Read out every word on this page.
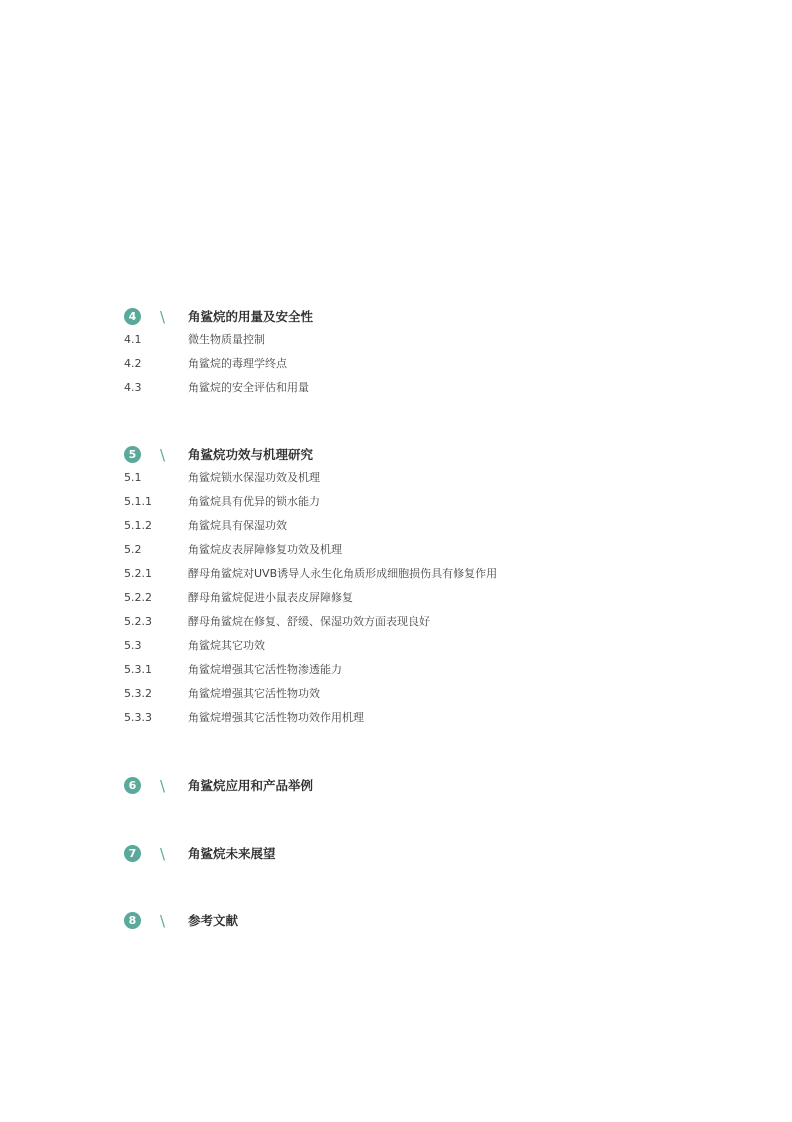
4	\ 角鲨烷的用量及安全性
4.1	微生物质量控制
4.2	角鲨烷的毒理学终点
4.3	角鲨烷的安全评估和用量
5	\ 角鲨烷功效与机理研究
5.1	角鲨烷锁水保湿功效及机理
5.1.1	角鲨烷具有优异的锁水能力
5.1.2	角鲨烷具有保湿功效
5.2	角鲨烷皮表屏障修复功效及机理
5.2.1	酵母角鲨烷对UVB诱导人永生化角质形成细胞损伤具有修复作用
5.2.2	酵母角鲨烷促进小鼠表皮屏障修复
5.2.3	酵母角鲨烷在修复、舒缓、保湿功效方面表现良好
5.3	角鲨烷其它功效
5.3.1	角鲨烷增强其它活性物渗透能力
5.3.2	角鲨烷增强其它活性物功效
5.3.3	角鲨烷增强其它活性物功效作用机理
6	\ 角鲨烷应用和产品举例
7	\ 角鲨烷未来展望
8	\ 参考文献
